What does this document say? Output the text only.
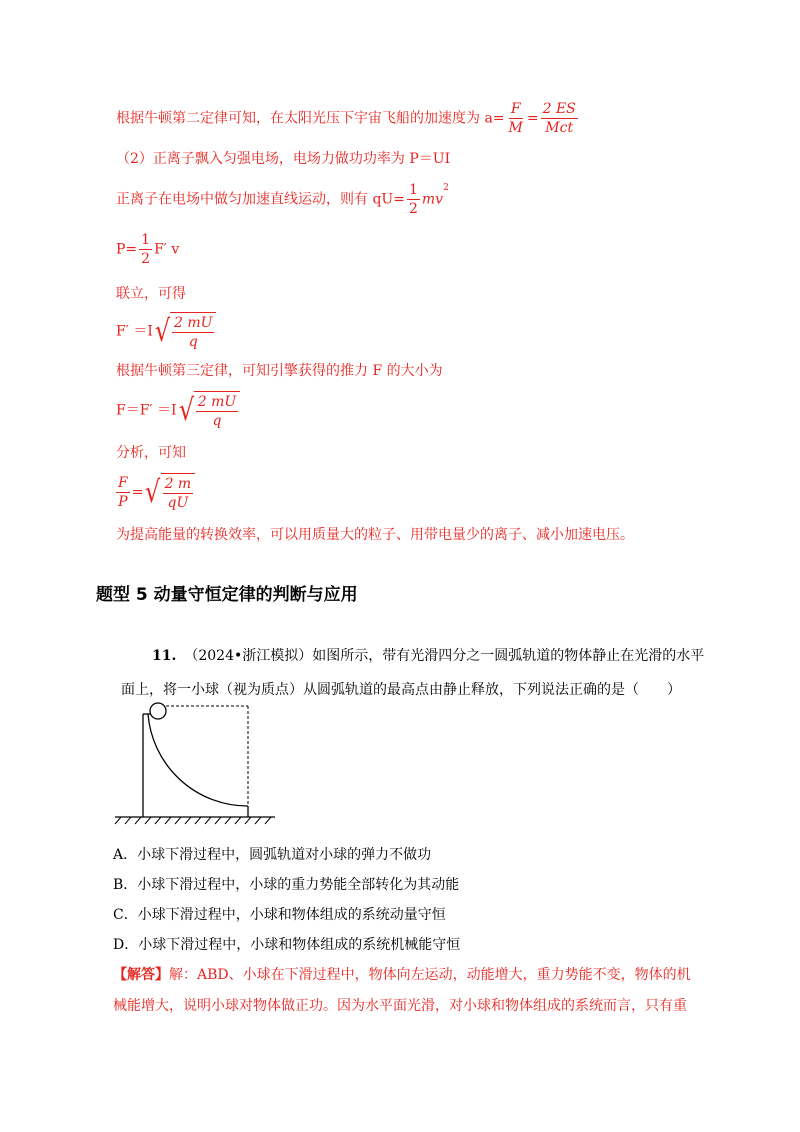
根据牛顿第二定律可知，在太阳光压下宇宙飞船的加速度为 $a= \frac{F}{M} = \frac{2 ES}{\text{Mct}}$
（2）正离子飘入匀强电场，电场力做功功率为 P＝UI
正离子在电场中做匀加速直线运动，则有 $qU= \frac{1}{2} mv^2$
$P= \frac{1}{2} F'$ v
联立，可得
F′ ＝I √ $\frac{2 mU}{q}$
根据牛顿第三定律，可知引擎获得的推力 F 的大小为
F＝F′ ＝I √ $\frac{2 mU}{q}$
分析，可知
$\frac{F}{P}$ = √ $\frac{2 m}{qU}$
为提高能量的转换效率，可以用质量大的粒子、用带电量少的离子、减小加速电压。
题型 5 动量守恒定律的判断与应用
11. （2024•浙江模拟）如图所示，带有光滑四分之一圆弧轨道的物体静止在光滑的水平
面上，将一小球（视为质点）从圆弧轨道的最高点由静止释放，下列说法正确的是（　　）
A．小球下滑过程中，圆弧轨道对小球的弹力不做功
B．小球下滑过程中，小球的重力势能全部转化为其动能
C．小球下滑过程中，小球和物体组成的系统动量守恒
D．小球下滑过程中，小球和物体组成的系统机械能守恒
【解答】解：ABD、小球在下滑过程中，物体向左运动，动能增大，重力势能不变，物体的机
械能增大，说明小球对物体做正功。因为水平面光滑，对小球和物体组成的系统而言，只有重
